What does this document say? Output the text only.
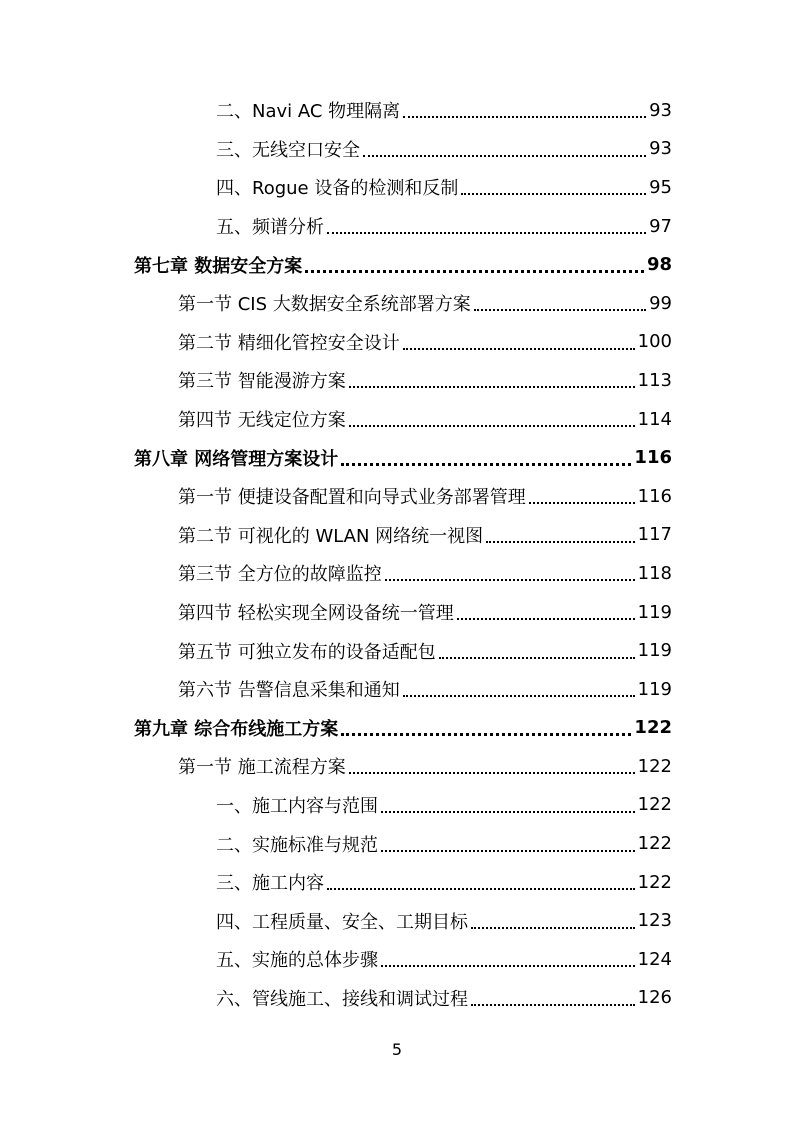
二、Navi AC 物理隔离	93
三、无线空口安全	93
四、Rogue 设备的检测和反制	95
五、频谱分析	97
第七章 数据安全方案	98
第一节 CIS 大数据安全系统部署方案	99
第二节 精细化管控安全设计	100
第三节 智能漫游方案	113
第四节 无线定位方案	114
第八章 网络管理方案设计	116
第一节 便捷设备配置和向导式业务部署管理	116
第二节 可视化的 WLAN 网络统一视图	117
第三节 全方位的故障监控	118
第四节 轻松实现全网设备统一管理	119
第五节 可独立发布的设备适配包	119
第六节 告警信息采集和通知	119
第九章 综合布线施工方案	122
第一节 施工流程方案	122
一、施工内容与范围	122
二、实施标准与规范	122
三、施工内容	122
四、工程质量、安全、工期目标	123
五、实施的总体步骤	124
六、管线施工、接线和调试过程	126
5
